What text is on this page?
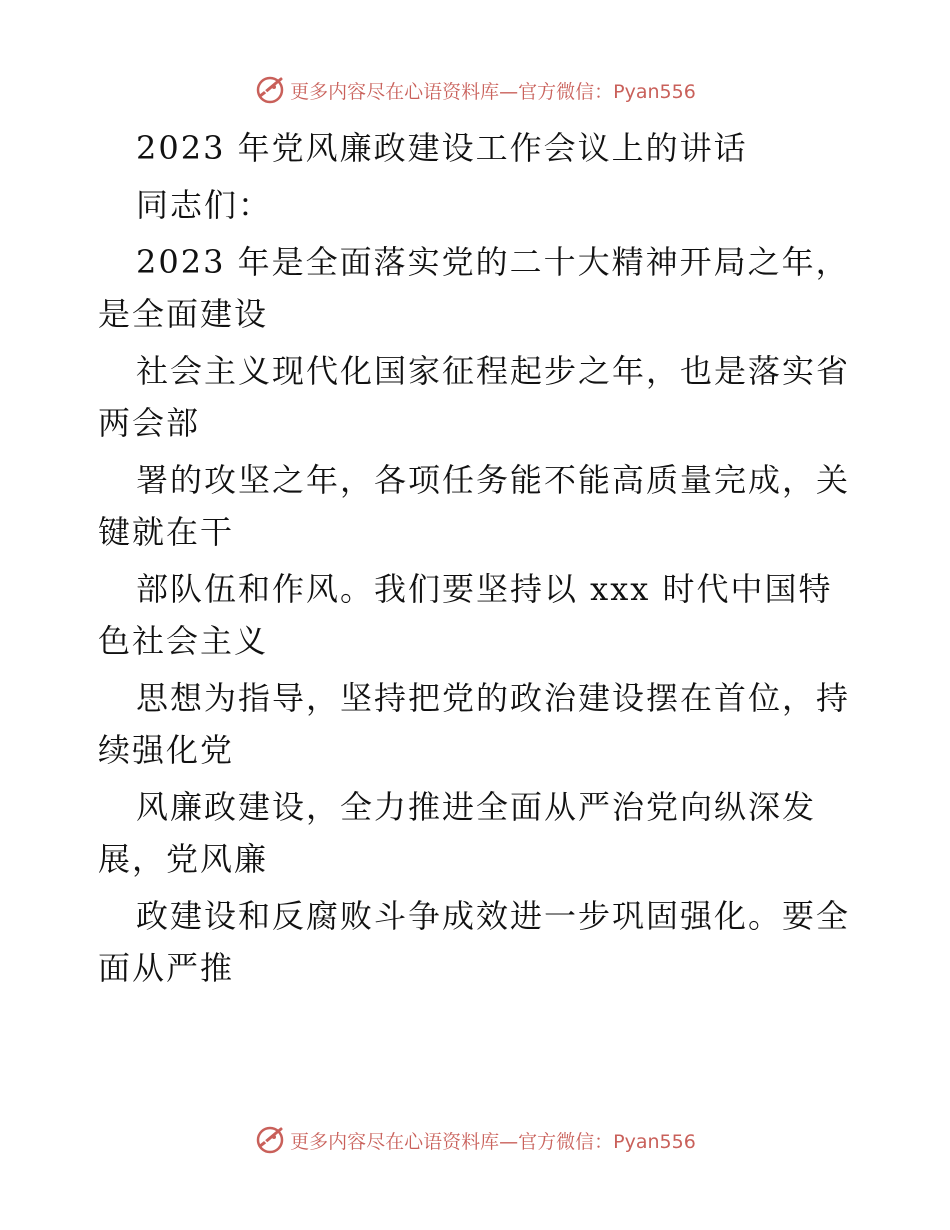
更多内容尽在心语资料库—官方微信：Pyan556
2023 年党风廉政建设工作会议上的讲话
同志们：
2023 年是全面落实党的二十大精神开局之年，
是全面建设
社会主义现代化国家征程起步之年，也是落实省
两会部
署的攻坚之年，各项任务能不能高质量完成，关
键就在干
部队伍和作风。我们要坚持以 xxx 时代中国特
色社会主义
思想为指导，坚持把党的政治建设摆在首位，持
续强化党
风廉政建设，全力推进全面从严治党向纵深发
展，党风廉
政建设和反腐败斗争成效进一步巩固强化。要全
面从严推
更多内容尽在心语资料库—官方微信：Pyan556
